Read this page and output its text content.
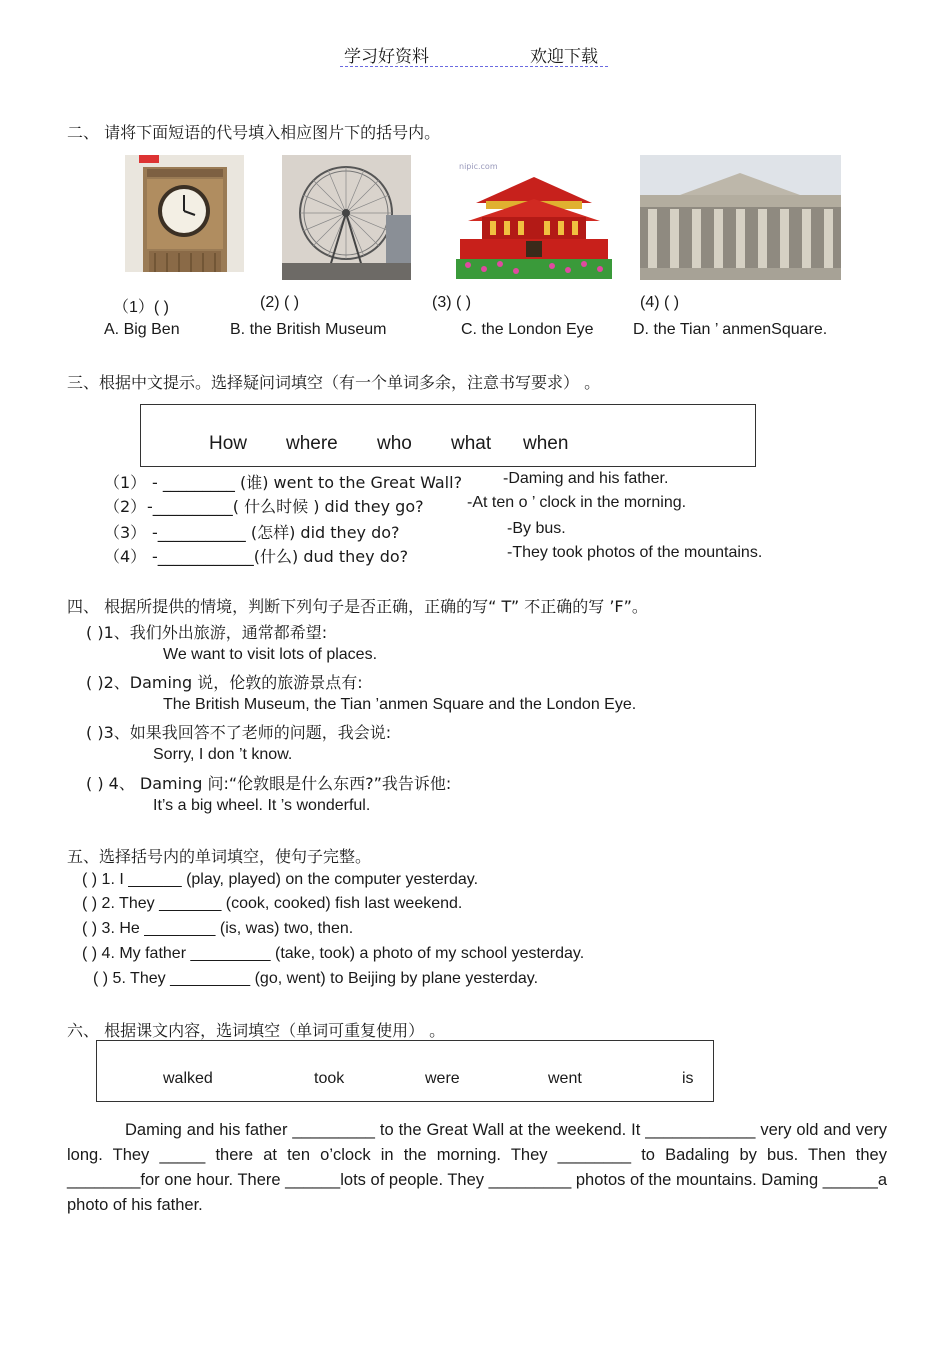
学习好资料	欢迎下载
二、 请将下面短语的代号填入相应图片下的括号内。
nipic.com
（1）( )	(2) ( )	(3) ( )	(4) ( )
A. Big Ben	B. the British Museum	C. the London Eye D. the Tian ’ anmenSquare.
三、根据中文提示。选择疑问词填空（有一个单词多余，注意书写要求） 。
How where who what when
（1） - _________ (谁) went to the Great Wall?	-Daming and his father.
（2） -__________( 什么时候 ) did they go?	-At ten o ’ clock in the morning.
（3） -___________ (怎样) did they do?	-By bus.
（4） -____________(什么) dud they do?	-They took photos of the mountains.
四、 根据所提供的情境，判断下列句子是否正确，正确的写“ T” 不正确的写 ’F”。
( )1、我们外出旅游，通常都希望:
We want to visit lots of places.
( )2、Daming 说，伦敦的旅游景点有:
The British Museum, the Tian ’anmen Square and the London Eye.
( )3、如果我回答不了老师的问题，我会说:
Sorry, I don ’t know.
( ) 4、 Daming 问:“伦敦眼是什么东西?”我告诉他:
It’s a big wheel. It ’s wonderful.
五、选择括号内的单词填空，使句子完整。
( ) 1. I ______ (play, played) on the computer yesterday.
( ) 2. They _______ (cook, cooked) fish last weekend.
( ) 3. He ________ (is, was) two, then.
( ) 4. My father _________ (take, took) a photo of my school yesterday.
( ) 5. They _________ (go, went) to Beijing by plane yesterday.
六、 根据课文内容，选词填空（单词可重复使用） 。
walked	took	were	went	is
Daming and his father _________ to the Great Wall at the weekend. It ____________ very old and very long. They _____ there at ten o’clock in the morning. They ________ to Badaling by bus. Then they ________for one hour. There ______lots of people. They _________ photos of the mountains. Daming ______a photo of his father.
